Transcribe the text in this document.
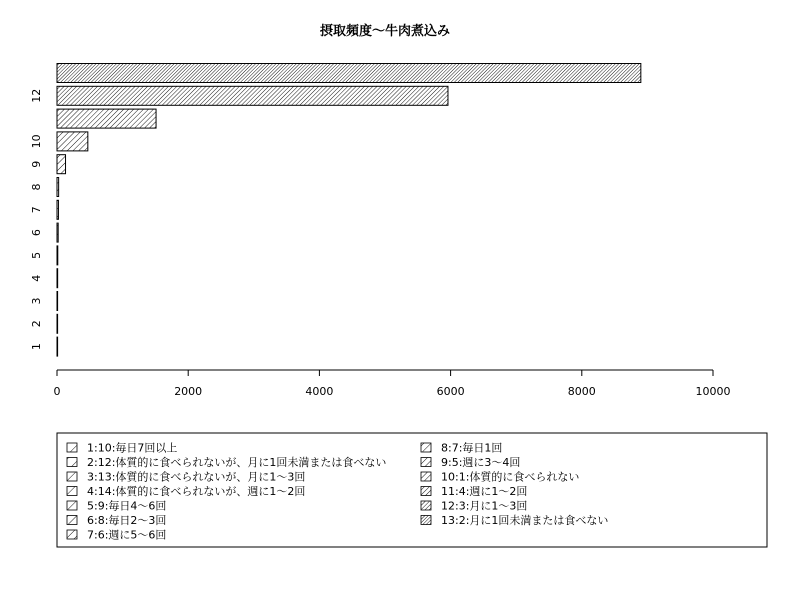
摂取頻度〜牛肉煮込み
0	2000	4000	6000	8000	10000
1
2
3
4
5
6
7
8
9
10
12
1:10:毎日7回以上
2:12:体質的に食べられないが、月に1回未満または食べない
3:13:体質的に食べられないが、月に1〜3回
4:14:体質的に食べられないが、週に1〜2回
5:9:毎日4〜6回
6:8:毎日2〜3回
7:6:週に5〜6回
8:7:毎日1回
9:5:週に3〜4回
10:1:体質的に食べられない
11:4:週に1〜2回
12:3:月に1〜3回
13:2:月に1回未満または食べない
